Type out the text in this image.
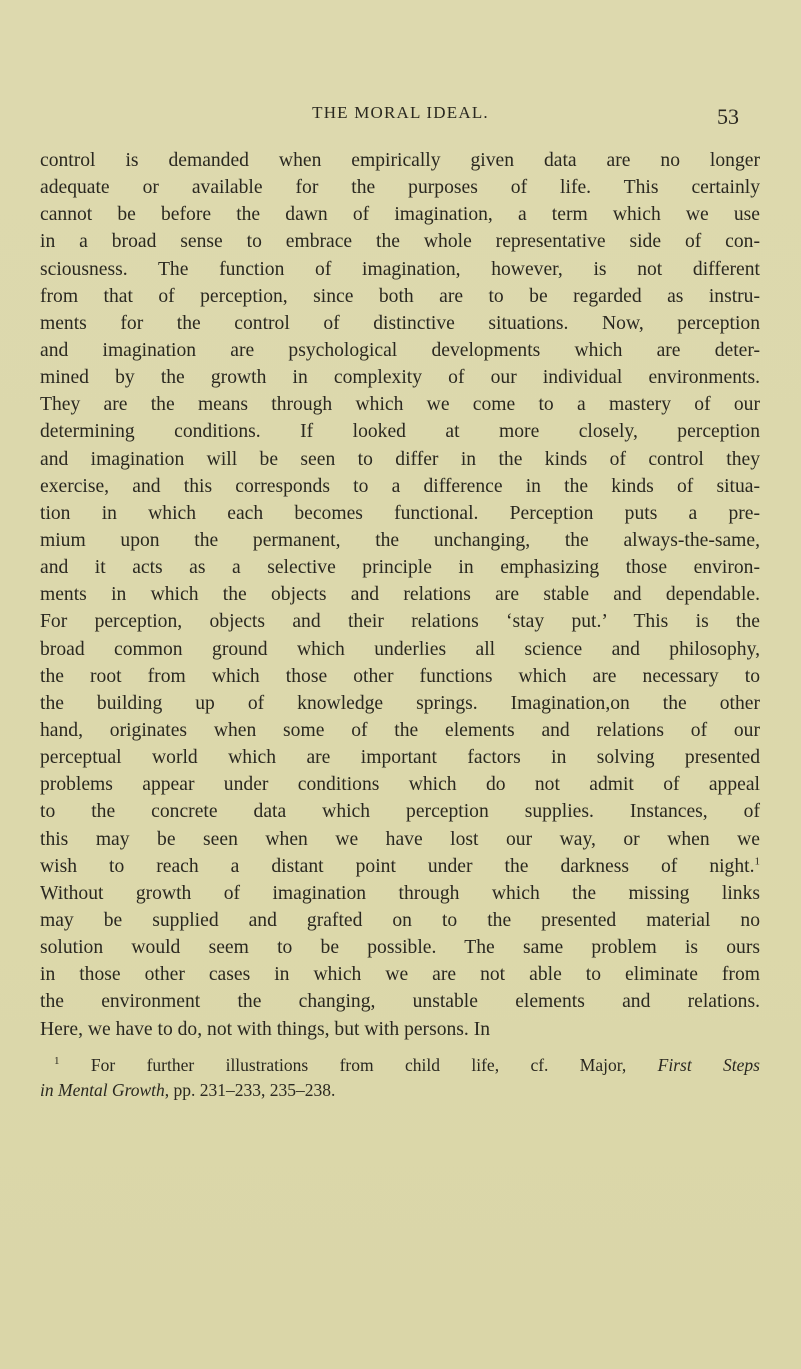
THE MORAL IDEAL.	53
control is demanded when empirically given data are no longer
adequate or available for the purposes of life. This certainly
cannot be before the dawn of imagination, a term which we use
in a broad sense to embrace the whole representative side of con-
sciousness. The function of imagination, however, is not different
from that of perception, since both are to be regarded as instru-
ments for the control of distinctive situations. Now, perception
and imagination are psychological developments which are deter-
mined by the growth in complexity of our individual environments.
They are the means through which we come to a mastery of our
determining conditions. If looked at more closely, perception
and imagination will be seen to differ in the kinds of control they
exercise, and this corresponds to a difference in the kinds of situa-
tion in which each becomes functional. Perception puts a pre-
mium upon the permanent, the unchanging, the always-the-same,
and it acts as a selective principle in emphasizing those environ-
ments in which the objects and relations are stable and dependable.
For perception, objects and their relations ‘stay put.’ This is the
broad common ground which underlies all science and philosophy,
the root from which those other functions which are necessary to
the building up of knowledge springs. Imagination,on the other
hand, originates when some of the elements and relations of our
perceptual world which are important factors in solving presented
problems appear under conditions which do not admit of appeal
to the concrete data which perception supplies. Instances, of
this may be seen when we have lost our way, or when we
wish to reach a distant point under the darkness of night.$^1$
Without growth of imagination through which the missing links
may be supplied and grafted on to the presented material no
solution would seem to be possible. The same problem is ours
in those other cases in which we are not able to eliminate from
the environment the changing, unstable elements and relations.
Here, we have to do, not with things, but with persons. In
$^1$ For further illustrations from child life, cf. Major, First Steps
in Mental Growth, pp. 231–233, 235–238.
